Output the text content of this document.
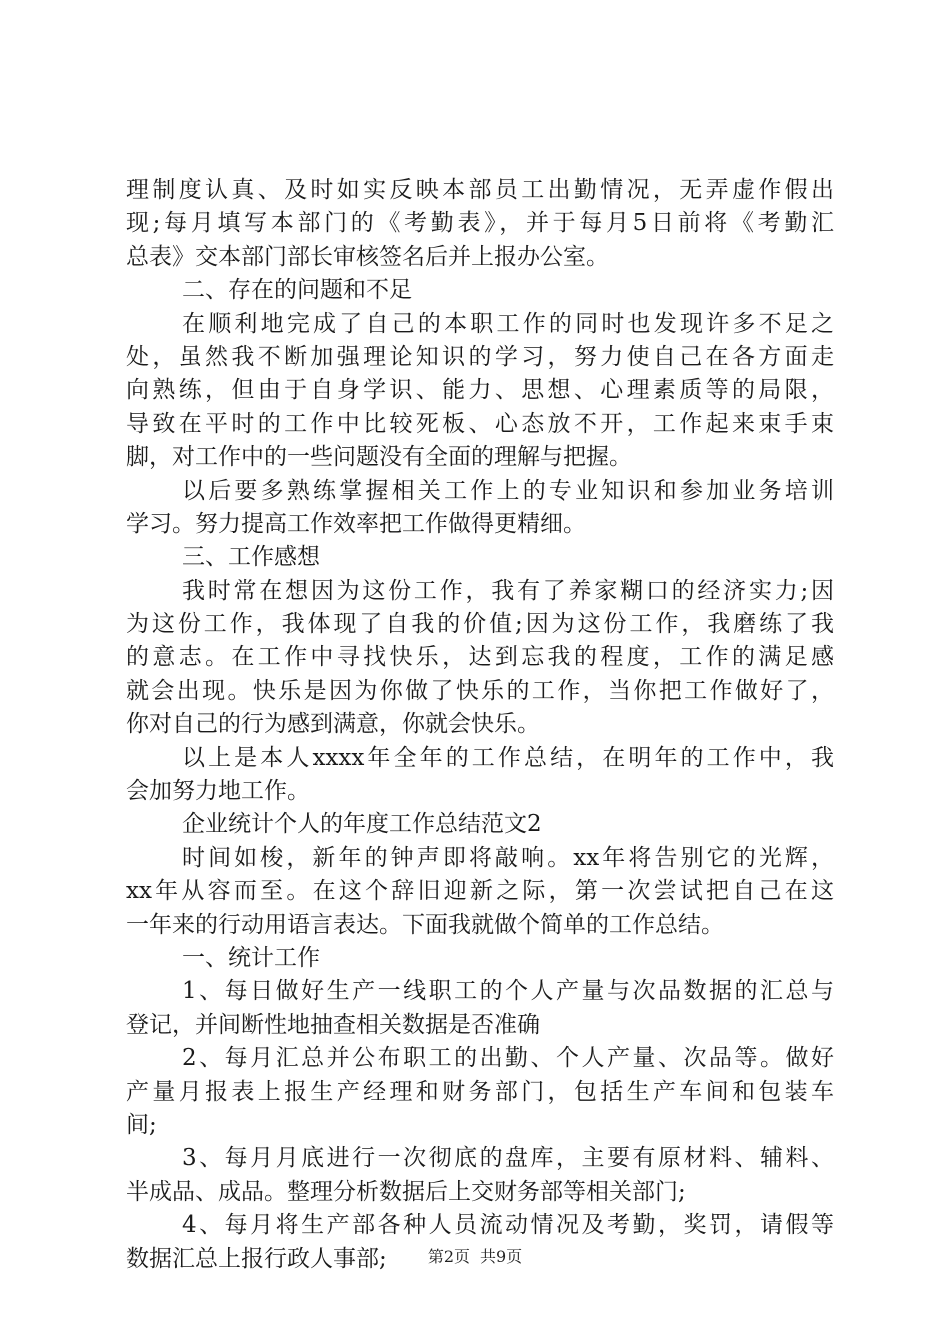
理制度认真、及时如实反映本部员工出勤情况，无弄虚作假出
现;每月填写本部门的《考勤表》，并于每月5日前将《考勤汇
总表》交本部门部长审核签名后并上报办公室。
二、存在的问题和不足
在顺利地完成了自己的本职工作的同时也发现许多不足之
处，虽然我不断加强理论知识的学习，努力使自己在各方面走
向熟练，但由于自身学识、能力、思想、心理素质等的局限，
导致在平时的工作中比较死板、心态放不开，工作起来束手束
脚，对工作中的一些问题没有全面的理解与把握。
以后要多熟练掌握相关工作上的专业知识和参加业务培训
学习。努力提高工作效率把工作做得更精细。
三、工作感想
我时常在想因为这份工作，我有了养家糊口的经济实力;因
为这份工作，我体现了自我的价值;因为这份工作，我磨练了我
的意志。在工作中寻找快乐，达到忘我的程度，工作的满足感
就会出现。快乐是因为你做了快乐的工作，当你把工作做好了，
你对自己的行为感到满意，你就会快乐。
以上是本人xxxx年全年的工作总结，在明年的工作中，我
会加努力地工作。
企业统计个人的年度工作总结范文2
时间如梭，新年的钟声即将敲响。xx年将告别它的光辉，
xx年从容而至。在这个辞旧迎新之际，第一次尝试把自己在这
一年来的行动用语言表达。下面我就做个简单的工作总结。
一、统计工作
1、每日做好生产一线职工的个人产量与次品数据的汇总与
登记，并间断性地抽查相关数据是否准确
2、每月汇总并公布职工的出勤、个人产量、次品等。做好
产量月报表上报生产经理和财务部门，包括生产车间和包装车
间;
3、每月月底进行一次彻底的盘库，主要有原材料、辅料、
半成品、成品。整理分析数据后上交财务部等相关部门;
4、每月将生产部各种人员流动情况及考勤，奖罚，请假等
数据汇总上报行政人事部;	第2页 共9页
